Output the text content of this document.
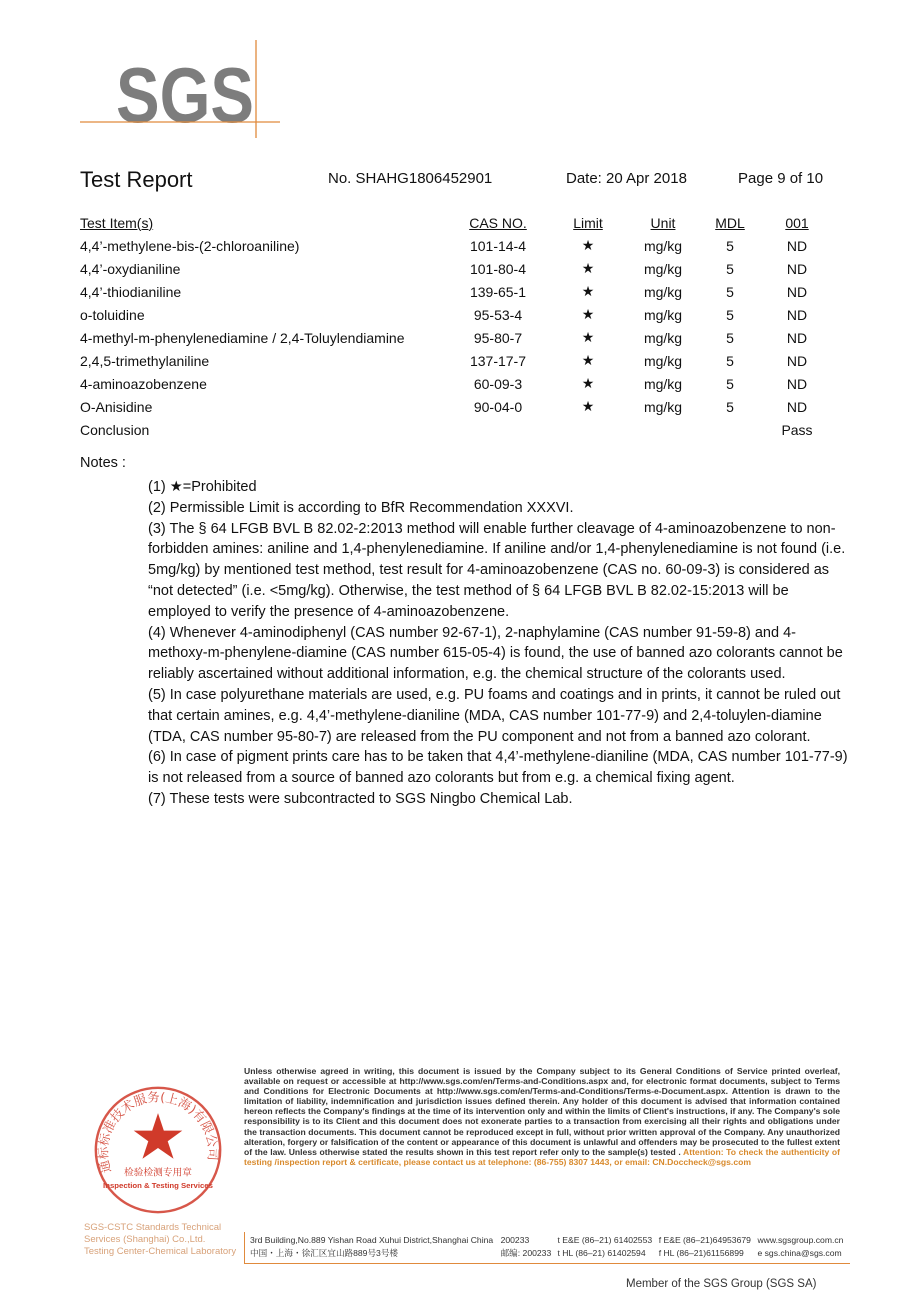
SGS
Test Report	No. SHAHG1806452901	Date: 20 Apr 2018	Page 9 of 10
Test Item(s)	CAS NO.	Limit	Unit	MDL	001
4,4’-methylene-bis-(2-chloroaniline)	101-14-4	★	mg/kg	5	ND
4,4’-oxydianiline	101-80-4	★	mg/kg	5	ND
4,4’-thiodianiline	139-65-1	★	mg/kg	5	ND
o-toluidine	95-53-4	★	mg/kg	5	ND
4-methyl-m-phenylenediamine / 2,4-Toluylendiamine	95-80-7	★	mg/kg	5	ND
2,4,5-trimethylaniline	137-17-7	★	mg/kg	5	ND
4-aminoazobenzene	60-09-3	★	mg/kg	5	ND
O-Anisidine	90-04-0	★	mg/kg	5	ND
Conclusion					Pass
Notes :
(1) ★=Prohibited
(2) Permissible Limit is according to BfR Recommendation XXXVI.
(3) The § 64 LFGB BVL B 82.02-2:2013 method will enable further cleavage of 4-aminoazobenzene to non-forbidden amines: aniline and 1,4-phenylenediamine. If aniline and/or 1,4-phenylenediamine is not found (i.e. 5mg/kg) by mentioned test method, test result for 4-aminoazobenzene (CAS no. 60-09-3) is considered as “not detected” (i.e. <5mg/kg). Otherwise, the test method of § 64 LFGB BVL B 82.02-15:2013 will be employed to verify the presence of 4-aminoazobenzene.
(4) Whenever 4-aminodiphenyl (CAS number 92-67-1), 2-naphylamine (CAS number 91-59-8) and 4-methoxy-m-phenylene-diamine (CAS number 615-05-4) is found, the use of banned azo colorants cannot be reliably ascertained without additional information, e.g. the chemical structure of the colorants used.
(5) In case polyurethane materials are used, e.g. PU foams and coatings and in prints, it cannot be ruled out that certain amines, e.g. 4,4’-methylene-dianiline (MDA, CAS number 101-77-9) and 2,4-toluylen-diamine (TDA, CAS number 95-80-7) are released from the PU component and not from a banned azo colorant.
(6) In case of pigment prints care has to be taken that 4,4’-methylene-dianiline (MDA, CAS number 101-77-9) is not released from a source of banned azo colorants but from e.g. a chemical fixing agent.
(7) These tests were subcontracted to SGS Ningbo Chemical Lab.
通标标准技术服务(上海)有限公司
检验检测专用章
Inspection & Testing Services
SGS-CSTC Standards Technical Services (Shanghai) Co.,Ltd.
Testing Center-Chemical Laboratory
Unless otherwise agreed in writing, this document is issued by the Company subject to its General Conditions of Service printed overleaf, available on request or accessible at http://www.sgs.com/en/Terms-and-Conditions.aspx and, for electronic format documents, subject to Terms and Conditions for Electronic Documents at http://www.sgs.com/en/Terms-and-Conditions/Terms-e-Document.aspx. Attention is drawn to the limitation of liability, indemnification and jurisdiction issues defined therein. Any holder of this document is advised that information contained hereon reflects the Company's findings at the time of its intervention only and within the limits of Client's instructions, if any. The Company's sole responsibility is to its Client and this document does not exonerate parties to a transaction from exercising all their rights and obligations under the transaction documents. This document cannot be reproduced except in full, without prior written approval of the Company. Any unauthorized alteration, forgery or falsification of the content or appearance of this document is unlawful and offenders may be prosecuted to the fullest extent of the law. Unless otherwise stated the results shown in this test report refer only to the sample(s) tested . Attention: To check the authenticity of testing /inspection report & certificate, please contact us at telephone: (86-755) 8307 1443, or email: CN.Doccheck@sgs.com
3rd Building,No.889 Yishan Road Xuhui District,Shanghai China	200233	t E&E (86–21) 61402553	f E&E (86–21)64953679	www.sgsgroup.com.cn
中国・上海・徐汇区宜山路889号3号楼	邮编: 200233	t HL (86–21) 61402594	f HL (86–21)61156899	e sgs.china@sgs.com
Member of the SGS Group (SGS SA)
